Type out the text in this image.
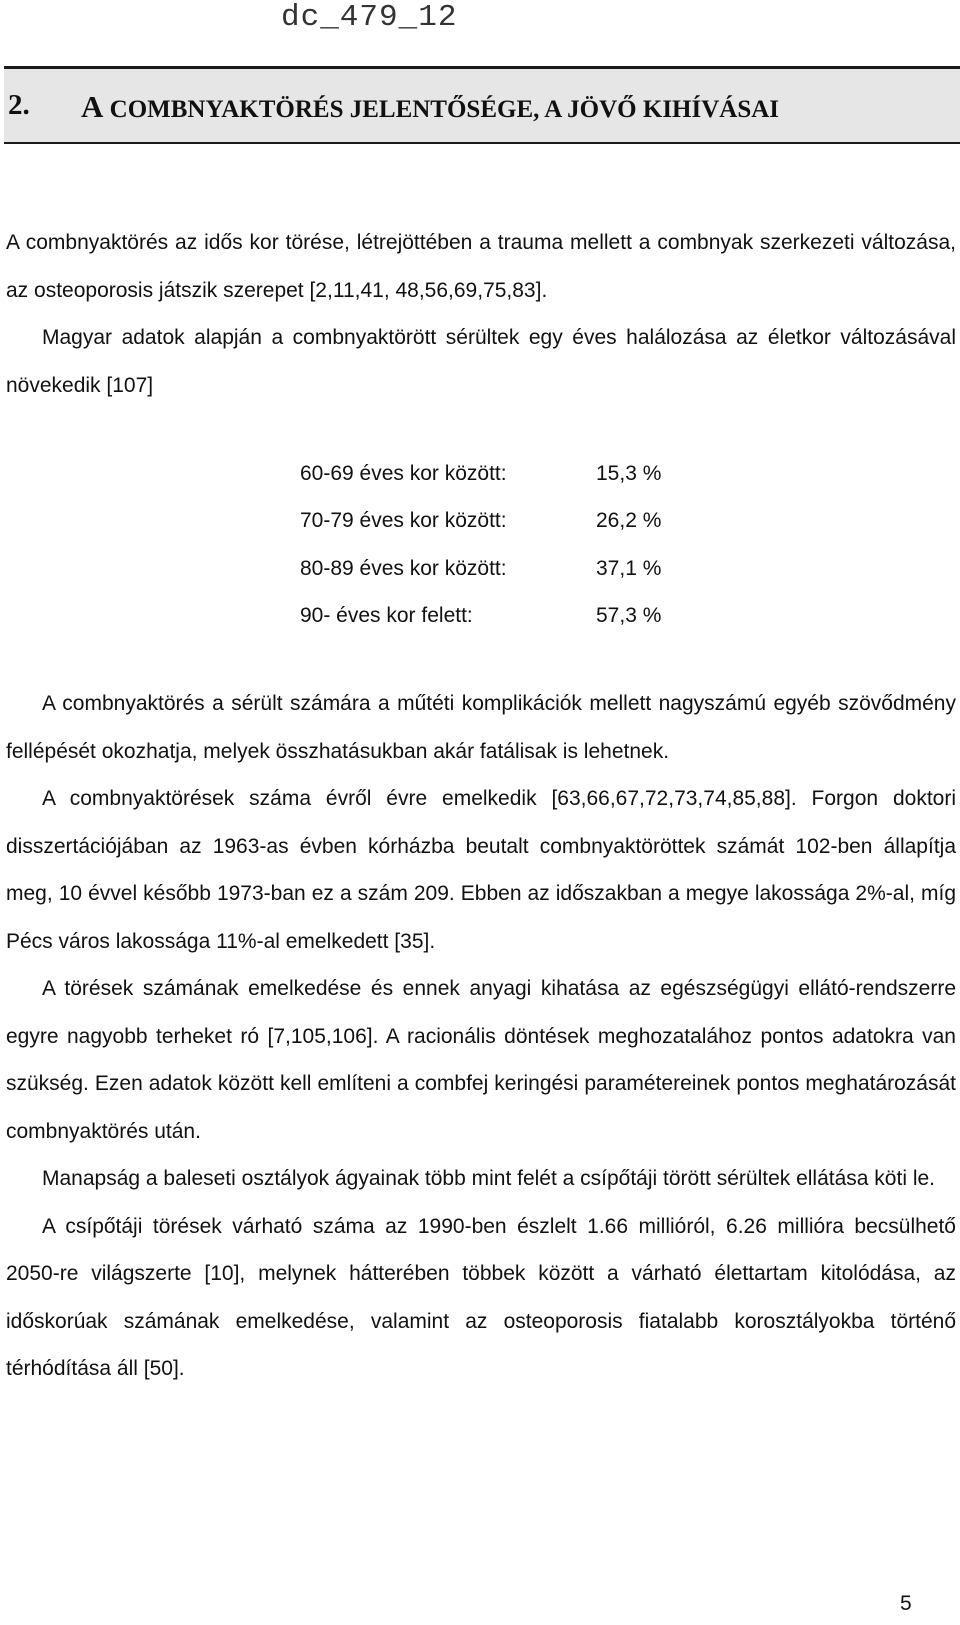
dc_479_12
2. A COMBNYAKTÖRÉS JELENTŐSÉGE, A JÖVŐ KIHÍVÁSAI

A combnyaktörés az idős kor törése, létrejöttében a trauma mellett a combnyak szerkezeti változása, az osteoporosis játszik szerepet [2,11,41, 48,56,69,75,83].

Magyar adatok alapján a combnyaktörött sérültek egy éves halálozása az életkor változásával növekedik [107]

60-69 éves kor között:	15,3 %
70-79 éves kor között:	26,2 %
80-89 éves kor között:	37,1 %
90- éves kor felett:	57,3 %

A combnyaktörés a sérült számára a műtéti komplikációk mellett nagyszámú egyéb szövődmény fellépését okozhatja, melyek összhatásukban akár fatálisak is lehetnek.

A combnyaktörések száma évről évre emelkedik [63,66,67,72,73,74,85,88]. Forgon doktori disszertációjában az 1963-as évben kórházba beutalt combnyaktöröttek számát 102-ben állapítja meg, 10 évvel később 1973-ban ez a szám 209. Ebben az időszakban a megye lakossága 2%-al, míg Pécs város lakossága 11%-al emelkedett [35].

A törések számának emelkedése és ennek anyagi kihatása az egészségügyi ellátó-rendszerre egyre nagyobb terheket ró [7,105,106]. A racionális döntések meghozatalához pontos adatokra van szükség. Ezen adatok között kell említeni a combfej keringési paramétereinek pontos meghatározását combnyaktörés után.

Manapság a baleseti osztályok ágyainak több mint felét a csípőtáji törött sérültek ellátása köti le.

A csípőtáji törések várható száma az 1990-ben észlelt 1.66 millióról, 6.26 millióra becsülhető 2050-re világszerte [10], melynek hátterében többek között a várható élettartam kitolódása, az időskorúak számának emelkedése, valamint az osteoporosis fiatalabb korosztályokba történő térhódítása áll [50].

5
